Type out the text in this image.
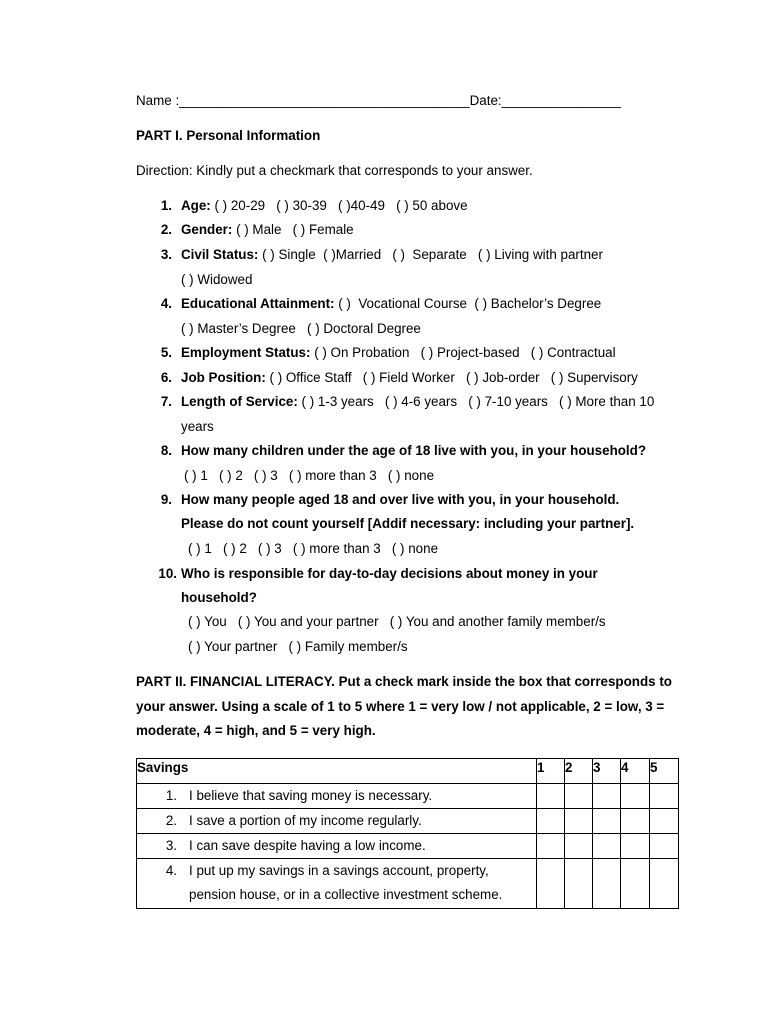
Name :_______________________________________Date:________________
PART I. Personal Information
Direction: Kindly put a checkmark that corresponds to your answer.
1. Age: ( ) 20-29   ( ) 30-39   ( )40-49   ( ) 50 above
2. Gender: ( ) Male   ( ) Female
3. Civil Status: ( ) Single  ( )Married   ( )  Separate   ( ) Living with partner
( ) Widowed
4. Educational Attainment: ( )  Vocational Course  ( ) Bachelor’s Degree
( ) Master’s Degree   ( ) Doctoral Degree
5. Employment Status: ( ) On Probation   ( ) Project-based   ( ) Contractual
6. Job Position: ( ) Office Staff   ( ) Field Worker   ( ) Job-order   ( ) Supervisory
7. Length of Service: ( ) 1-3 years   ( ) 4-6 years   ( ) 7-10 years   ( ) More than 10
years
8. How many children under the age of 18 live with you, in your household?
( ) 1   ( ) 2   ( ) 3   ( ) more than 3   ( ) none
9. How many people aged 18 and over live with you, in your household.
Please do not count yourself [Addif necessary: including your partner].
( ) 1   ( ) 2   ( ) 3   ( ) more than 3   ( ) none
10. Who is responsible for day-to-day decisions about money in your
household?
( ) You   ( ) You and your partner   ( ) You and another family member/s
( ) Your partner   ( ) Family member/s
PART II. FINANCIAL LITERACY. Put a check mark inside the box that corresponds to your answer. Using a scale of 1 to 5 where 1 = very low / not applicable, 2 = low, 3 = moderate, 4 = high, and 5 = very high.
Savings	1	2	3	4	5

1. I believe that saving money is necessary.					

2. I save a portion of my income regularly.					

3. I can save despite having a low income.					

4. I put up my savings in a savings account, property,
pension house, or in a collective investment scheme.					
